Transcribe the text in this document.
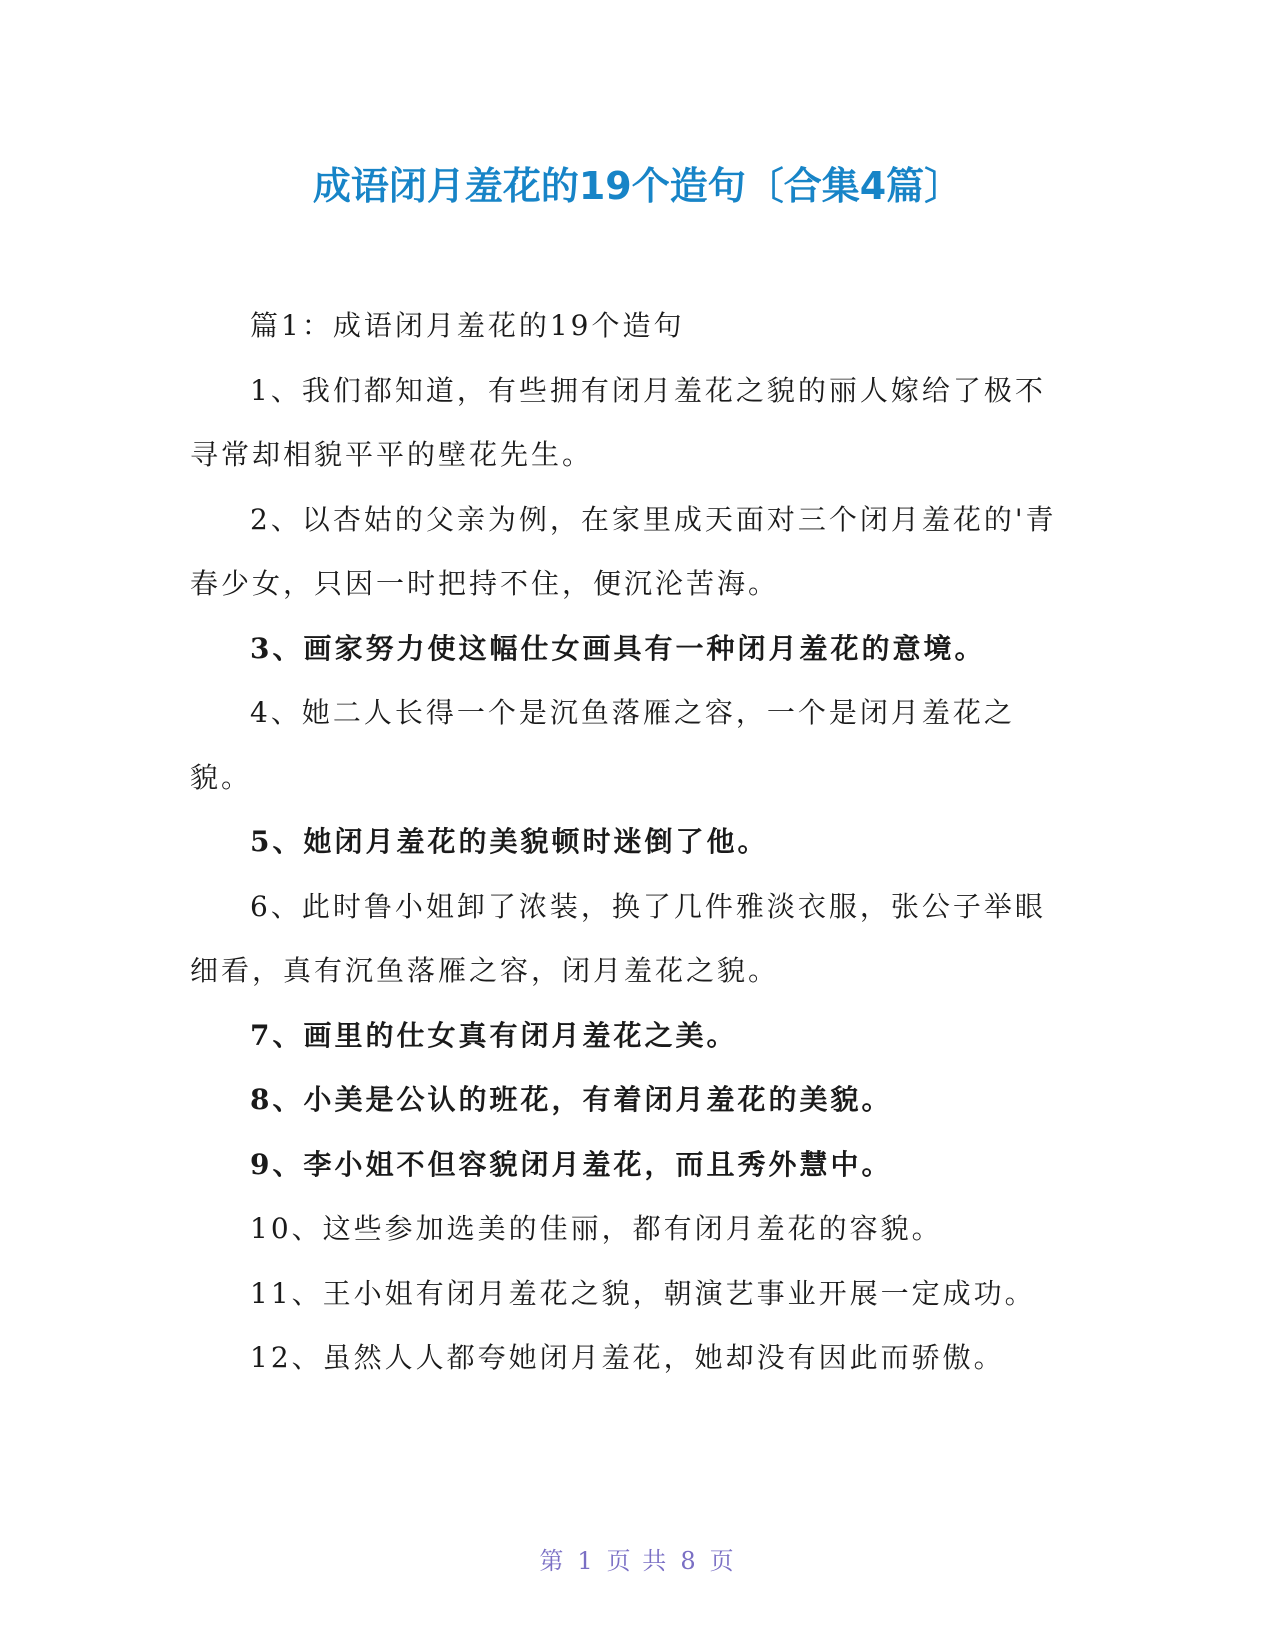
成语闭月羞花的19个造句〔合集4篇〕

篇1：成语闭月羞花的19个造句

1、我们都知道，有些拥有闭月羞花之貌的丽人嫁给了极不寻常却相貌平平的壁花先生。

2、以杏姑的父亲为例，在家里成天面对三个闭月羞花的'青春少女，只因一时把持不住，便沉沦苦海。

3、画家努力使这幅仕女画具有一种闭月羞花的意境。

4、她二人长得一个是沉鱼落雁之容，一个是闭月羞花之貌。

5、她闭月羞花的美貌顿时迷倒了他。

6、此时鲁小姐卸了浓装，换了几件雅淡衣服，张公子举眼细看，真有沉鱼落雁之容，闭月羞花之貌。

7、画里的仕女真有闭月羞花之美。

8、小美是公认的班花，有着闭月羞花的美貌。

9、李小姐不但容貌闭月羞花，而且秀外慧中。

10、这些参加选美的佳丽，都有闭月羞花的容貌。

11、王小姐有闭月羞花之貌，朝演艺事业开展一定成功。

12、虽然人人都夸她闭月羞花，她却没有因此而骄傲。

第 1 页 共 8 页
